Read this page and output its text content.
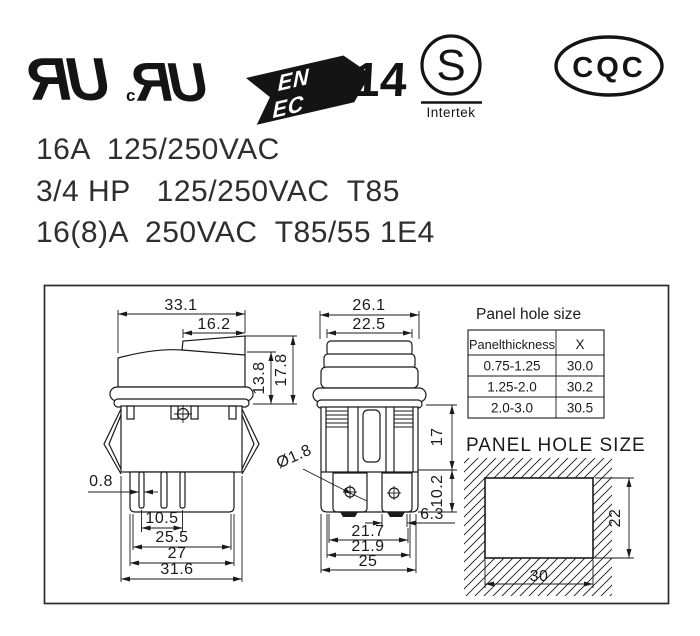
UR c UR	EN
EC 14 S
Intertek
CQC
16A  125/250VAC
3/4 HP   125/250VAC  T85
16(8)A  250VAC  T85/55 1E4
33.1
16.2
13.8 17.8
0.8
10.5
25.5
27
31.6
26.1
22.5
17
10.2
6.3
Ø1.8
21.7
21.9
25
Panel hole size
Panelthickness X
0.75-1.25 30.0
1.25-2.0 30.2
2.0-3.0	30.5
PANEL HOLE SIZE
22
30
